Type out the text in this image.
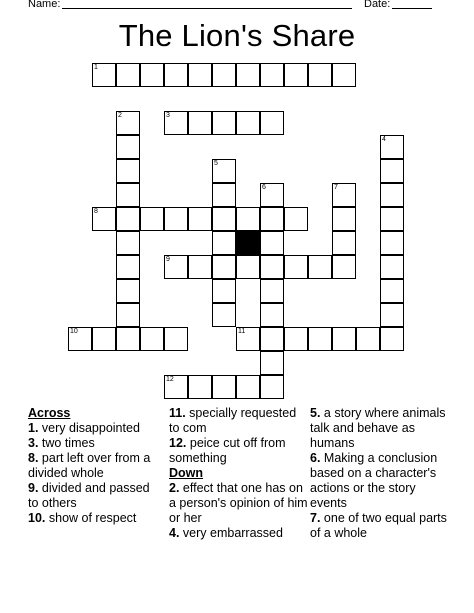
Name:	Date:
The Lion's Share
1
2	3
4
5
6	7
8
9
10	11
12
Across

1. very disappointed

3. two times

8. part left over from a divided whole

9. divided and passed to others

10. show of respect

11. specially requested to com

12. peice cut off from something

Down

2. effect that one has on a person's opinion of him or her

4. very embarrassed

5. a story where animals talk and behave as humans

6. Making a conclusion based on a character's actions or the story events

7. one of two equal parts of a whole
